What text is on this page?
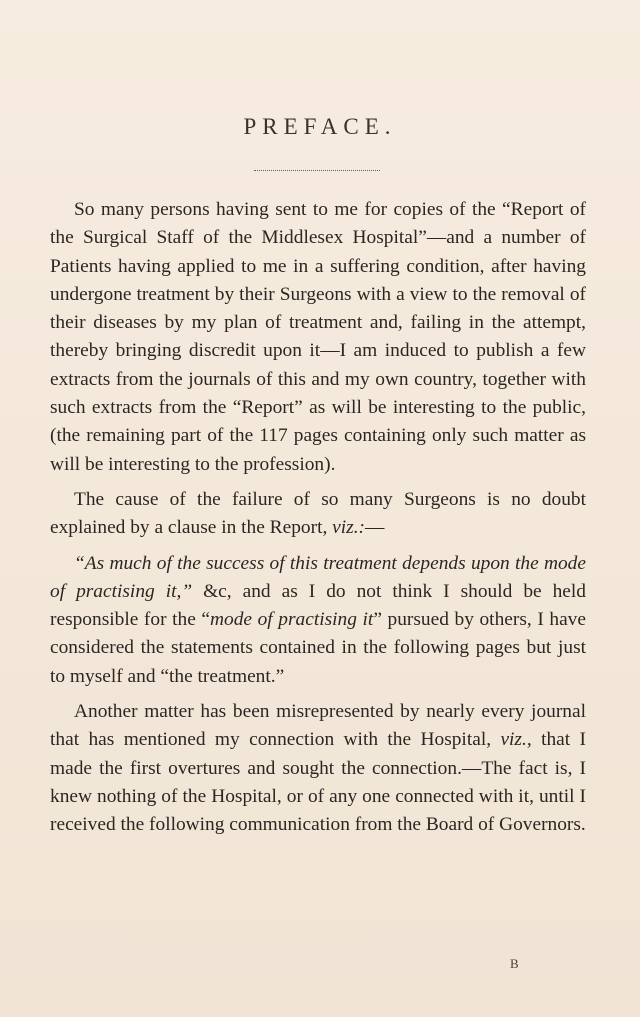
PREFACE.

So many persons having sent to me for copies of the “Report of the Surgical Staff of the Middlesex Hospital”—and a number of Patients having applied to me in a suffering condition, after having undergone treatment by their Surgeons with a view to the removal of their diseases by my plan of treatment and, failing in the attempt, thereby bringing discredit upon it—I am induced to publish a few extracts from the journals of this and my own country, together with such extracts from the “Report” as will be interesting to the public, (the remaining part of the 117 pages containing only such matter as will be interesting to the profession).

The cause of the failure of so many Surgeons is no doubt explained by a clause in the Report, viz.:—

“As much of the success of this treatment depends upon the mode of practising it,” &c, and as I do not think I should be held responsible for the “mode of practising it” pursued by others, I have considered the statements contained in the following pages but just to myself and “the treatment.”

Another matter has been misrepresented by nearly every journal that has mentioned my connection with the Hospital, viz., that I made the first overtures and sought the connection.—The fact is, I knew nothing of the Hospital, or of any one connected with it, until I received the following communication from the Board of Governors.

B
